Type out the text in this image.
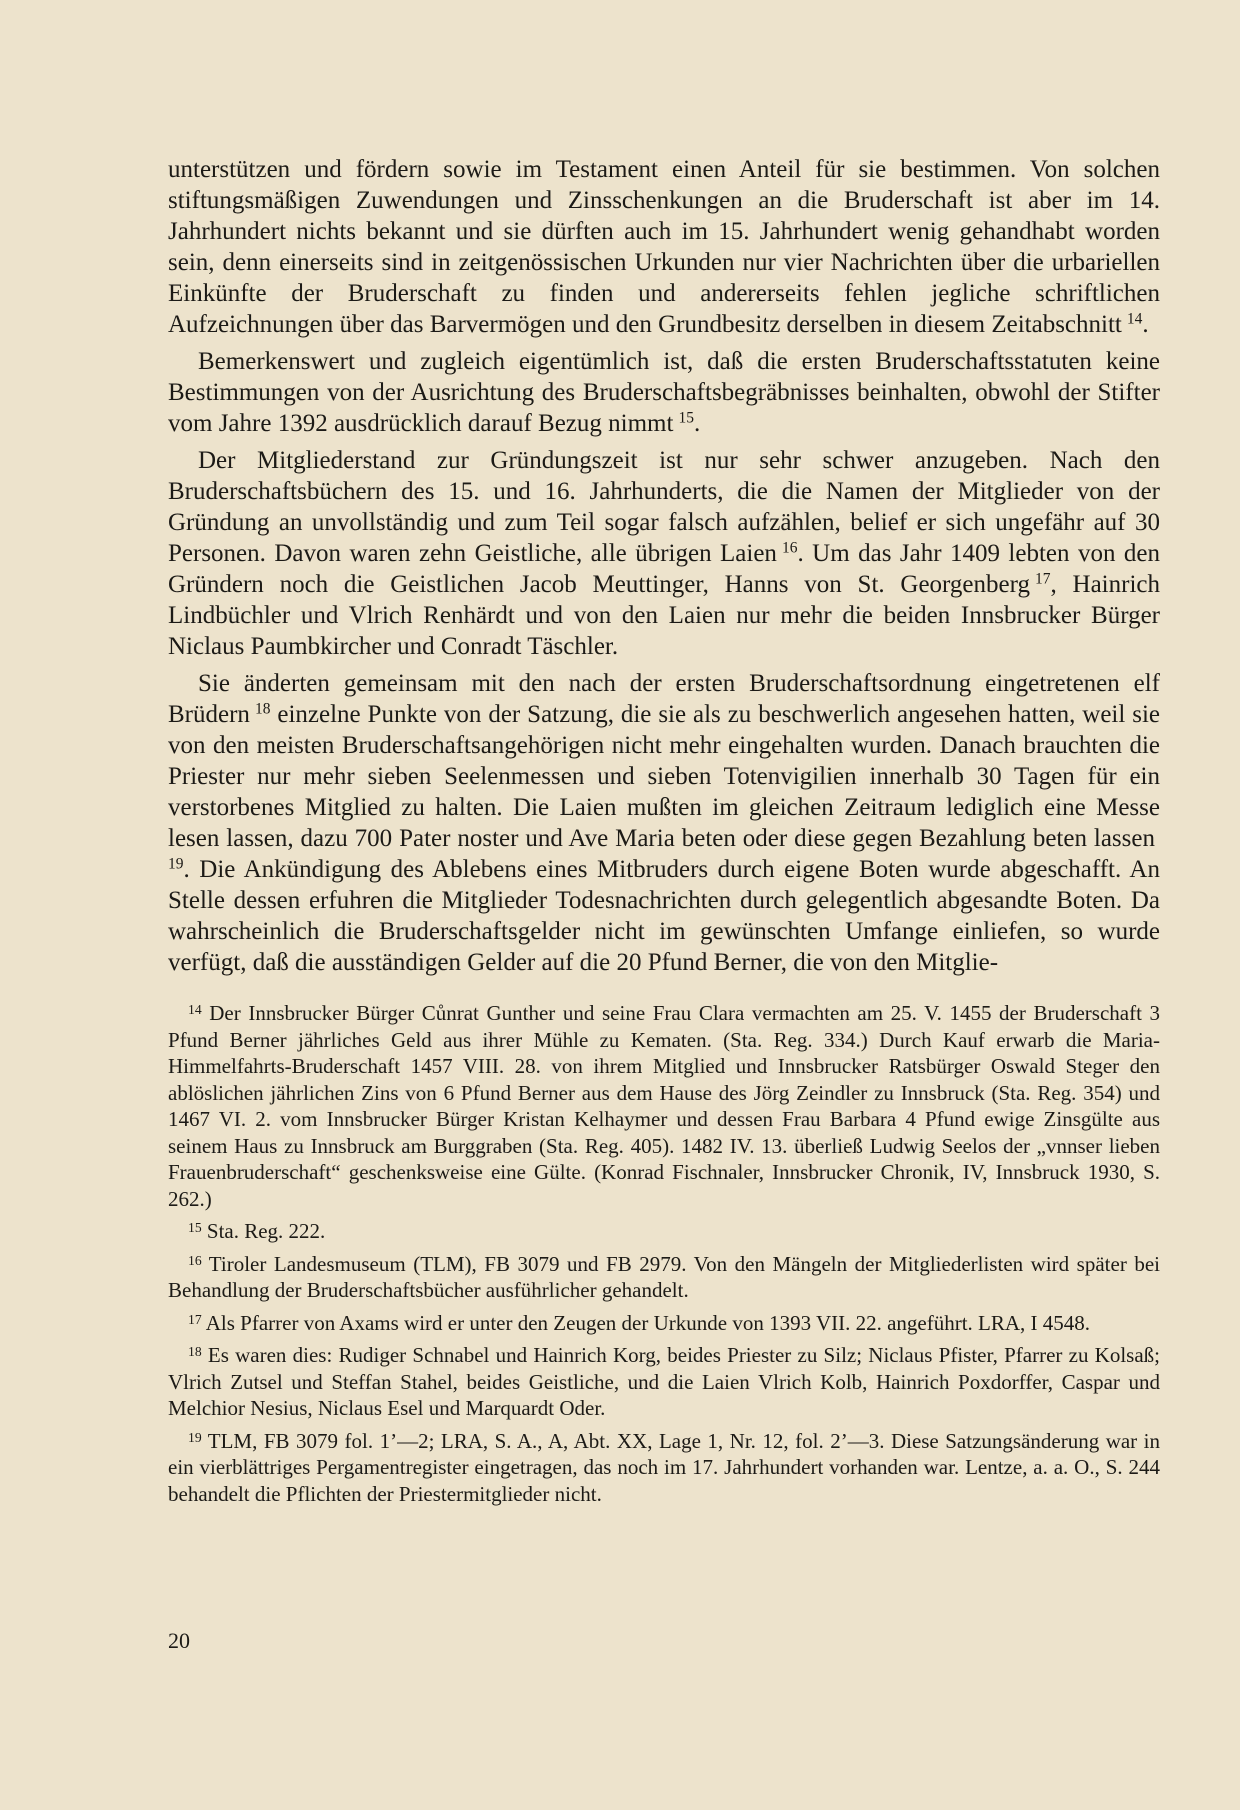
unterstützen und fördern sowie im Testament einen Anteil für sie bestimmen. Von solchen stiftungsmäßigen Zuwendungen und Zinsschenkungen an die Bruderschaft ist aber im 14. Jahrhundert nichts bekannt und sie dürften auch im 15. Jahrhundert wenig gehandhabt worden sein, denn einerseits sind in zeitgenössischen Urkunden nur vier Nachrichten über die urbariellen Einkünfte der Bruderschaft zu finden und andererseits fehlen jegliche schriftlichen Aufzeichnungen über das Barvermögen und den Grundbesitz derselben in diesem Zeitabschnitt  $^{14}$.

Bemerkenswert und zugleich eigentümlich ist, daß die ersten Bruderschaftsstatuten keine Bestimmungen von der Ausrichtung des Bruderschaftsbegräbnisses beinhalten, obwohl der Stifter vom Jahre 1392 ausdrücklich darauf Bezug nimmt  $^{15}$.

Der Mitgliederstand zur Gründungszeit ist nur sehr schwer anzugeben. Nach den Bruderschaftsbüchern des 15. und 16. Jahrhunderts, die die Namen der Mitglieder von der Gründung an unvollständig und zum Teil sogar falsch aufzählen, belief er sich ungefähr auf 30 Personen. Davon waren zehn Geistliche, alle übrigen Laien  $^{16}$. Um das Jahr 1409 lebten von den Gründern noch die Geistlichen Jacob Meuttinger, Hanns von St. Georgenberg  $^{17}$, Hainrich Lindbüchler und Vlrich Renhärdt und von den Laien nur mehr die beiden Innsbrucker Bürger Niclaus Paumbkircher und Conradt Täschler.

Sie änderten gemeinsam mit den nach der ersten Bruderschaftsordnung eingetretenen elf Brüdern  $^{18}$ einzelne Punkte von der Satzung, die sie als zu beschwerlich angesehen hatten, weil sie von den meisten Bruderschaftsangehörigen nicht mehr eingehalten wurden. Danach brauchten die Priester nur mehr sieben Seelenmessen und sieben Totenvigilien innerhalb 30 Tagen für ein verstorbenes Mitglied zu halten. Die Laien mußten im gleichen Zeitraum lediglich eine Messe lesen lassen, dazu 700 Pater noster und Ave Maria beten oder diese gegen Bezahlung beten lassen $^{19}$. Die Ankündigung des Ablebens eines Mitbruders durch eigene Boten wurde abgeschafft. An Stelle dessen erfuhren die Mitglieder Todesnachrichten durch gelegentlich abgesandte Boten. Da wahrscheinlich die Bruderschaftsgelder nicht im gewünschten Umfange einliefen, so wurde verfügt, daß die ausständigen Gelder auf die 20 Pfund Berner, die von den Mitglie-

$^{14}$ Der Innsbrucker Bürger Cůnrat Gunther und seine Frau Clara vermachten am 25. V. 1455 der Bruderschaft 3 Pfund Berner jährliches Geld aus ihrer Mühle zu Kematen. (Sta. Reg. 334.) Durch Kauf erwarb die Maria-Himmelfahrts-Bruderschaft 1457 VIII. 28. von ihrem Mitglied und Innsbrucker Ratsbürger Oswald Steger den ablöslichen jährlichen Zins von 6 Pfund Berner aus dem Hause des Jörg Zeindler zu Innsbruck (Sta. Reg. 354) und 1467 VI. 2. vom Innsbrucker Bürger Kristan Kelhaymer und dessen Frau Barbara 4 Pfund ewige Zinsgülte aus seinem Haus zu Innsbruck am Burggraben (Sta. Reg. 405). 1482 IV. 13. überließ Ludwig Seelos der „vnnser lieben Frauenbruderschaft“ geschenksweise eine Gülte. (Konrad Fischnaler, Innsbrucker Chronik, IV, Innsbruck 1930, S. 262.)

$^{15}$ Sta. Reg. 222.

$^{16}$ Tiroler Landesmuseum (TLM), FB 3079 und FB 2979. Von den Mängeln der Mitgliederlisten wird später bei Behandlung der Bruderschaftsbücher ausführlicher gehandelt.

$^{17}$ Als Pfarrer von Axams wird er unter den Zeugen der Urkunde von 1393 VII. 22. angeführt. LRA, I 4548.

$^{18}$ Es waren dies: Rudiger Schnabel und Hainrich Korg, beides Priester zu Silz; Niclaus Pfister, Pfarrer zu Kolsaß; Vlrich Zutsel und Steffan Stahel, beides Geistliche, und die Laien Vlrich Kolb, Hainrich Poxdorffer, Caspar und Melchior Nesius, Niclaus Esel und Marquardt Oder.

$^{19}$ TLM, FB 3079 fol. 1’—2; LRA, S. A., A, Abt. XX, Lage 1, Nr. 12, fol. 2’—3. Diese Satzungsänderung war in ein vierblättriges Pergamentregister eingetragen, das noch im 17. Jahrhundert vorhanden war. Lentze, a. a. O., S. 244 behandelt die Pflichten der Priestermitglieder nicht.

20
